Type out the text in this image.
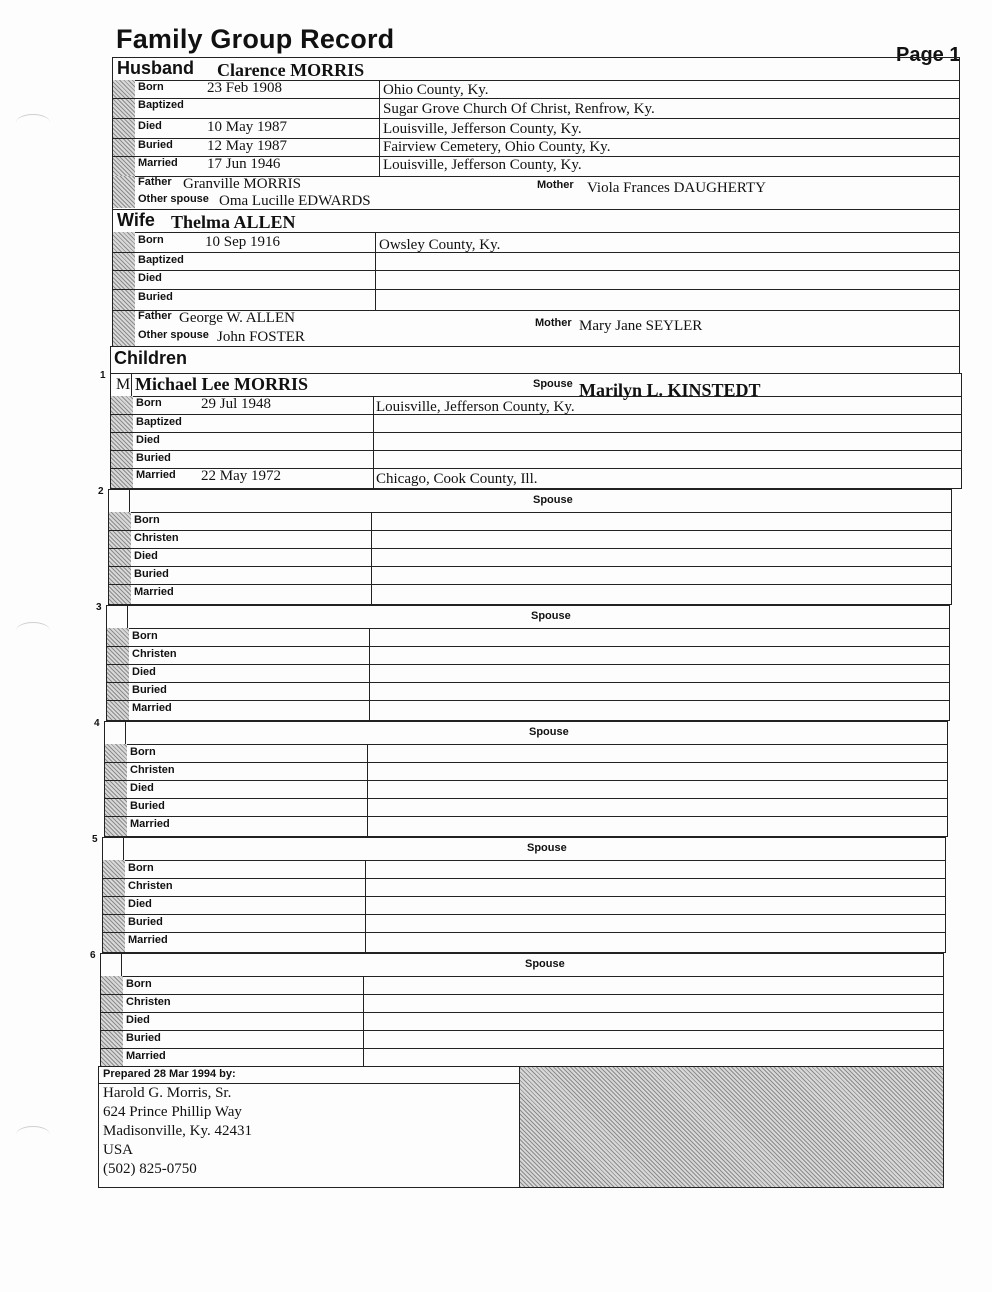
Family Group Record
Page 1
Husband Clarence MORRIS
Born	23 Feb 1908	Ohio County, Ky.
Baptized	Sugar Grove Church Of Christ, Renfrow, Ky.
Died	10 May 1987	Louisville, Jefferson County, Ky.
Buried 12 May 1987	Fairview Cemetery, Ohio County, Ky.
Married 17 Jun 1946	Louisville, Jefferson County, Ky.
Father Granville MORRIS	Mother Viola Frances DAUGHERTY
Other spouse Oma Lucille EDWARDS
Wife Thelma ALLEN
Born	10 Sep 1916	Owsley County, Ky.
Baptized
Died
Buried
Father George W. ALLEN	Mother Mary Jane SEYLER
Other spouse John FOSTER
Children
1
M Michael Lee MORRIS	Spouse Marilyn L. KINSTEDT
Born	29 Jul 1948	Louisville, Jefferson County, Ky.
Baptized
Died
Buried
Married 22 May 1972	Chicago, Cook County, Ill.
2
Spouse
Born
Christen
Died
Buried
Married
3
Spouse
Born
Christen
Died
Buried
Married
4
Spouse
Born
Christen
Died
Buried
Married
5
Spouse
Born
Christen
Died
Buried
Married
6
Spouse
Born
Christen
Died
Buried
Married
Prepared 28 Mar 1994 by:
Harold G. Morris, Sr.
624 Prince Phillip Way
Madisonville, Ky. 42431
USA
(502) 825-0750
